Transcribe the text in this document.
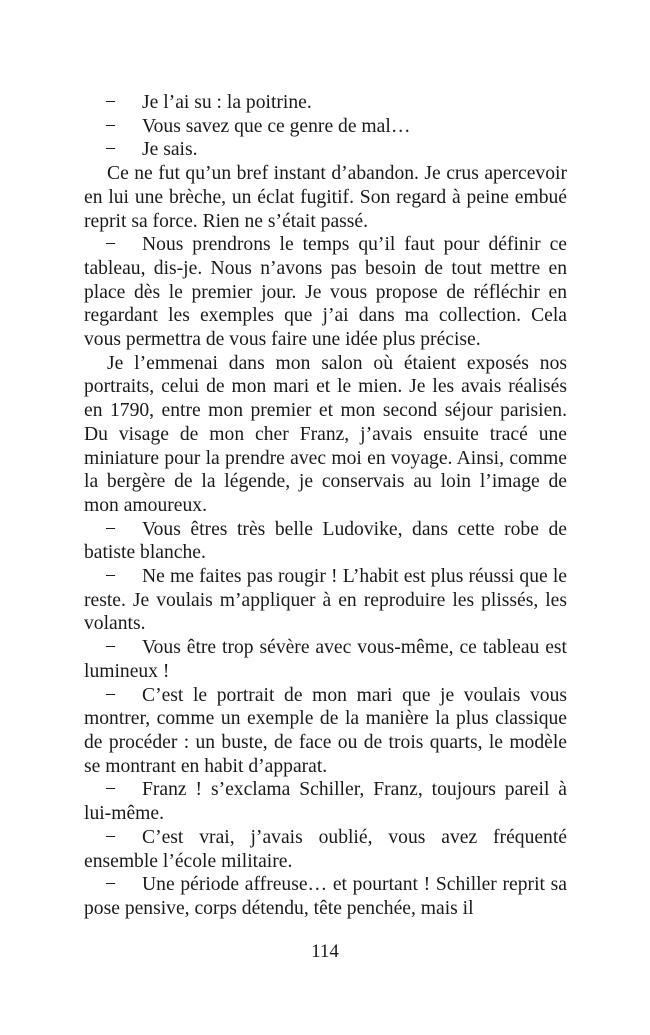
− Je l’ai su : la poitrine.

− Vous savez que ce genre de mal…

− Je sais.

Ce ne fut qu’un bref instant d’abandon. Je crus apercevoir en lui une brèche, un éclat fugitif. Son regard à peine embué reprit sa force. Rien ne s’était passé.

− Nous prendrons le temps qu’il faut pour définir ce tableau, dis-je. Nous n’avons pas besoin de tout mettre en place dès le premier jour. Je vous propose de réfléchir en regardant les exemples que j’ai dans ma collection. Cela vous permettra de vous faire une idée plus précise.

Je l’emmenai dans mon salon où étaient exposés nos portraits, celui de mon mari et le mien. Je les avais réalisés en 1790, entre mon premier et mon second séjour parisien. Du visage de mon cher Franz, j’avais ensuite tracé une miniature pour la prendre avec moi en voyage. Ainsi, comme la bergère de la légende, je conservais au loin l’image de mon amoureux.

− Vous êtres très belle Ludovike, dans cette robe de batiste blanche.

− Ne me faites pas rougir ! L’habit est plus réussi que le reste. Je voulais m’appliquer à en reproduire les plissés, les volants.

− Vous être trop sévère avec vous-même, ce tableau est lumineux !

− C’est le portrait de mon mari que je voulais vous montrer, comme un exemple de la manière la plus classique de procéder : un buste, de face ou de trois quarts, le modèle se montrant en habit d’apparat.

− Franz ! s’exclama Schiller, Franz, toujours pareil à lui-même.

− C’est vrai, j’avais oublié, vous avez fréquenté ensemble l’école militaire.

− Une période affreuse… et pourtant ! Schiller reprit sa pose pensive, corps détendu, tête penchée, mais il

114
